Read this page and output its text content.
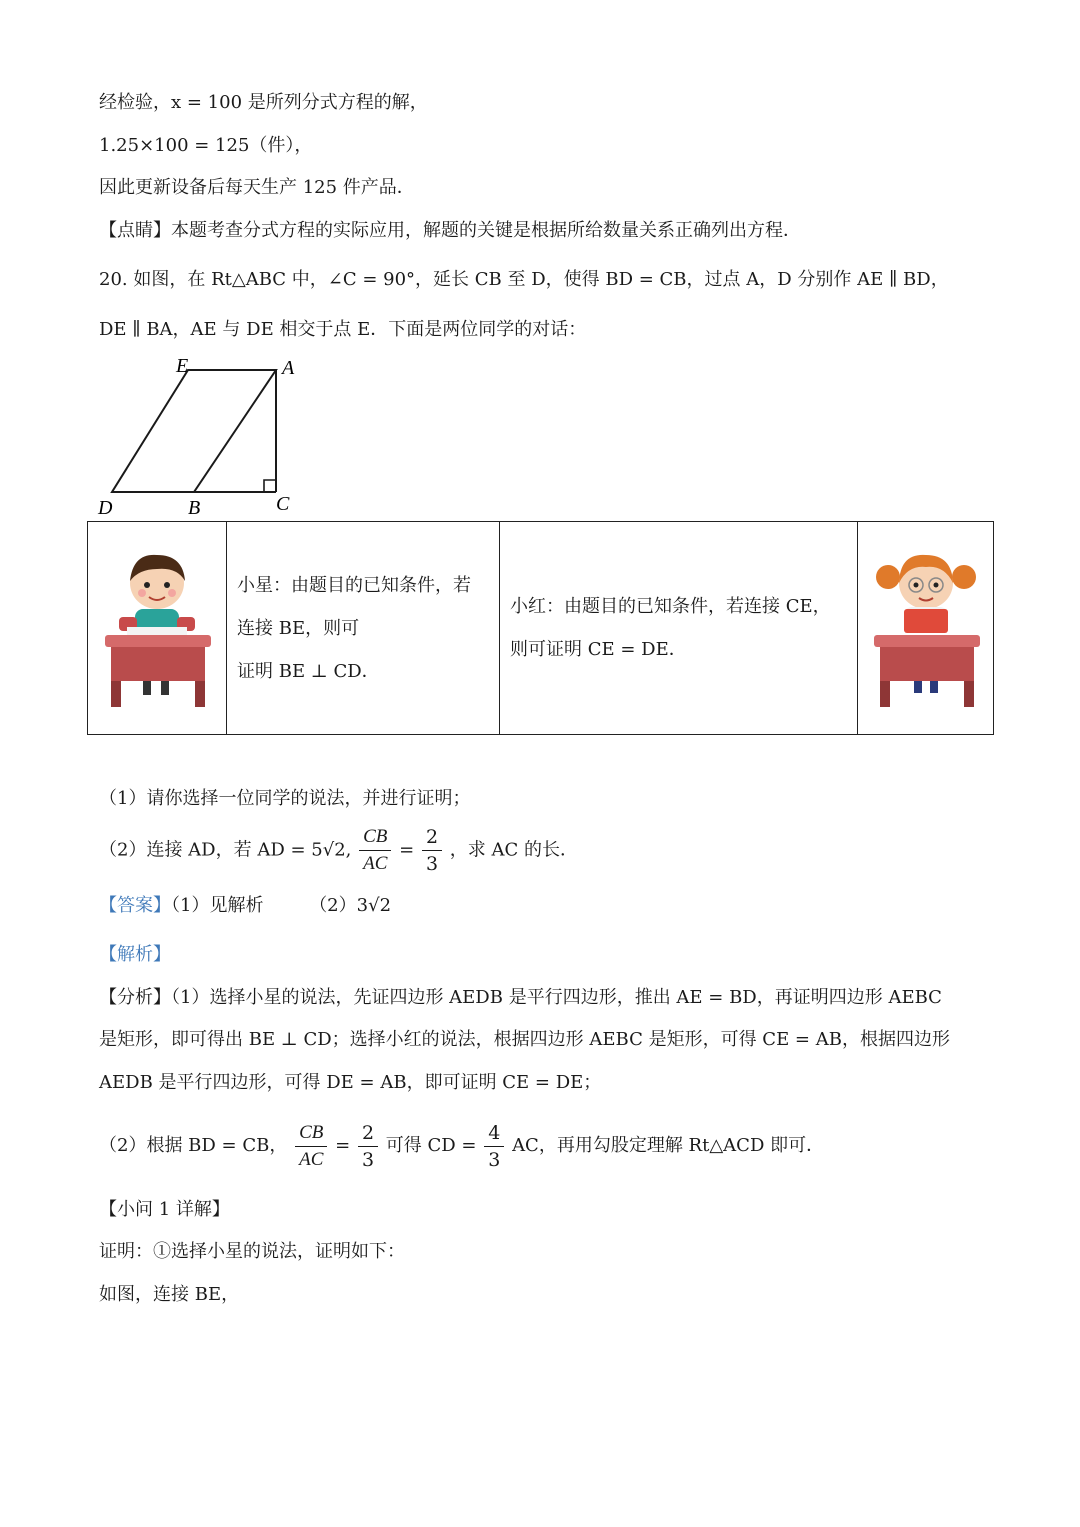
经检验，x = 100 是所列分式方程的解，
1.25×100 = 125（件），
因此更新设备后每天生产 125 件产品．
【点睛】本题考查分式方程的实际应用，解题的关键是根据所给数量关系正确列出方程．
20. 如图，在 Rt△ABC 中，∠C = 90°，延长 CB 至 D，使得 BD = CB，过点 A，D 分别作 AE ∥ BD，
DE ∥ BA，AE 与 DE 相交于点 E．下面是两位同学的对话：
E	A
D	B	C

小星：由题目的已知条件，若
连接 BE，则可
证明 BE ⊥ CD．

小红：由题目的已知条件，若连接 CE，
则可证明 CE = DE．

（1）请你选择一位同学的说法，并进行证明；
（2）连接 AD，若 AD = 5√2, $\frac{CB}{AC} = \frac{2}{3}$ ，求 AC 的长．
【答案】（1）见解析	（2）3√2
【解析】
【分析】（1）选择小星的说法，先证四边形 AEDB 是平行四边形，推出 AE = BD，再证明四边形 AEBC
是矩形，即可得出 BE ⊥ CD；选择小红的说法，根据四边形 AEBC 是矩形，可得 CE = AB，根据四边形
AEDB 是平行四边形，可得 DE = AB，即可证明 CE = DE；
（2）根据 BD = CB， $\frac{CB}{AC} = \frac{2}{3}$ 可得 CD = $\frac{4}{3}$ AC，再用勾股定理解 Rt△ACD 即可．
【小问 1 详解】
证明：①选择小星的说法，证明如下：
如图，连接 BE，
